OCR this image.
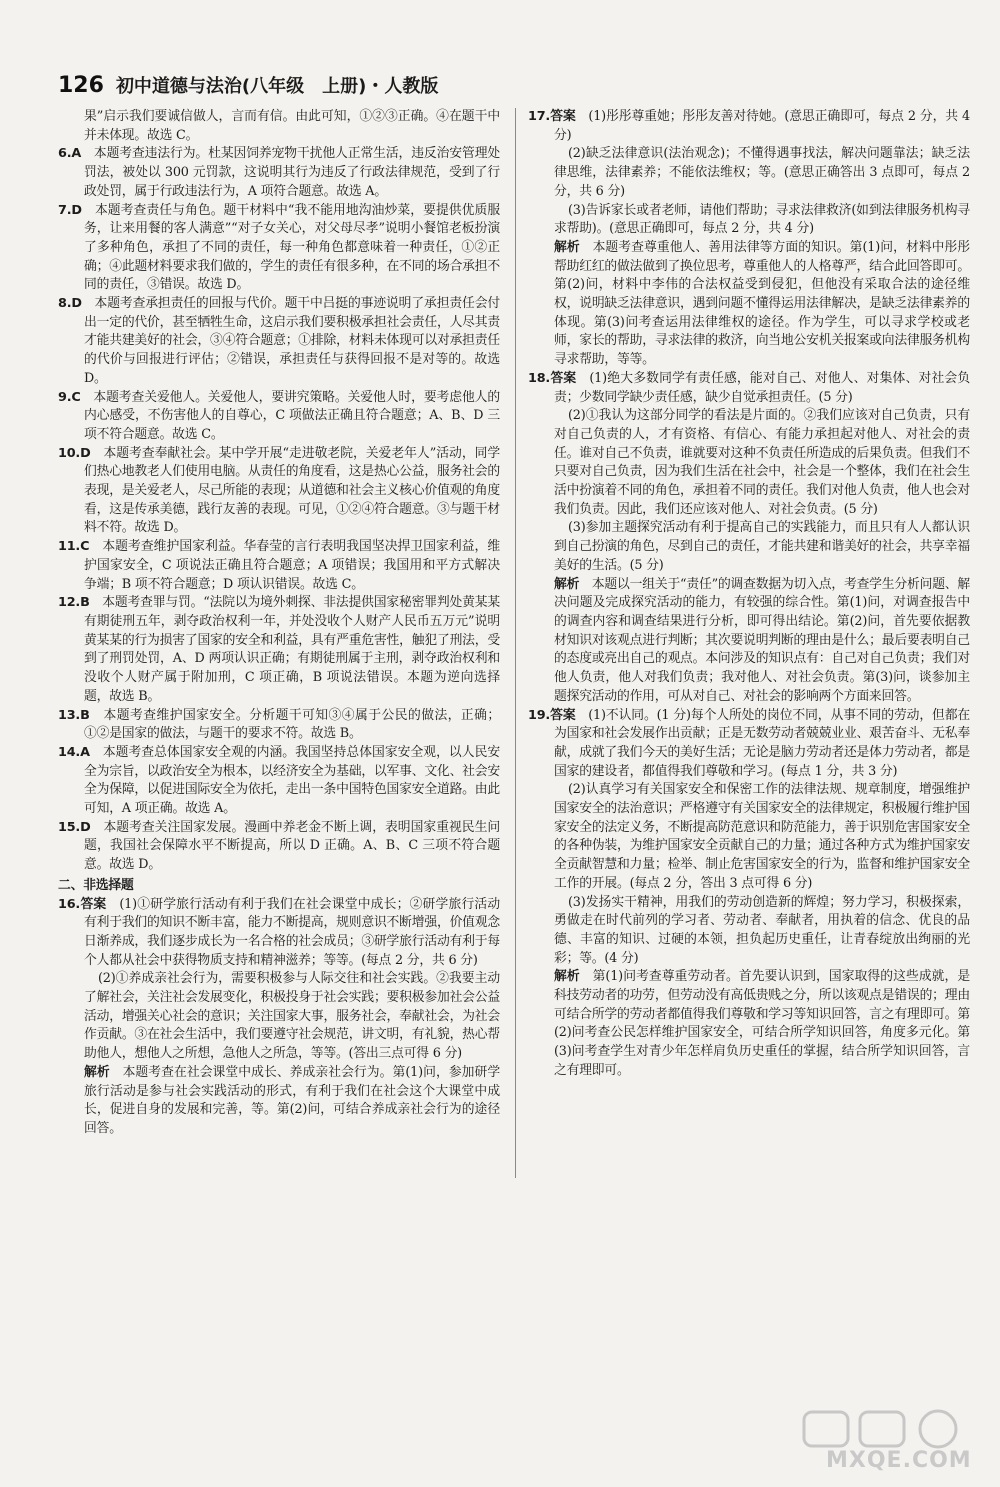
126 初中道德与法治(八年级　上册)・人教版

果”启示我们要诚信做人，言而有信。由此可知，①②③正确。④在题干中并未体现。故选 C。

6.A　 本题考查违法行为。杜某因饲养宠物干扰他人正常生活，违反治安管理处罚法，被处以 300 元罚款，这说明其行为违反了行政法律规范，受到了行政处罚，属于行政违法行为，A 项符合题意。故选 A。

7.D　 本题考查责任与角色。题干材料中“我不能用地沟油炒菜，要提供优质服务，让来用餐的客人满意”“对子女关心，对父母尽孝”说明小餐馆老板扮演了多种角色，承担了不同的责任，每一种角色都意味着一种责任，①②正确；④此题材料要求我们做的，学生的责任有很多种，在不同的场合承担不同的责任，③错误。故选 D。

8.D　 本题考查承担责任的回报与代价。题干中吕挺的事迹说明了承担责任会付出一定的代价，甚至牺牲生命，这启示我们要积极承担社会责任，人尽其责才能共建美好的社会，③④符合题意；①排除，材料未体现可以对承担责任的代价与回报进行评估；②错误，承担责任与获得回报不是对等的。故选 D。

9.C　 本题考查关爱他人。关爱他人，要讲究策略。关爱他人时，要考虑他人的内心感受，不伤害他人的自尊心，C 项做法正确且符合题意；A、B、D 三项不符合题意。故选 C。

10.D　 本题考查奉献社会。某中学开展“走进敬老院，关爱老年人”活动，同学们热心地教老人们使用电脑。从责任的角度看，这是热心公益，服务社会的表现，是关爱老人，尽己所能的表现；从道德和社会主义核心价值观的角度看，这是传承美德，践行友善的表现。可见，①②④符合题意。③与题干材料不符。故选 D。

11.C　 本题考查维护国家利益。华春莹的言行表明我国坚决捍卫国家利益，维护国家安全，C 项说法正确且符合题意；A 项错误；我国用和平方式解决争端；B 项不符合题意；D 项认识错误。故选 C。

12.B　 本题考查罪与罚。“法院以为境外刺探、非法提供国家秘密罪判处黄某某有期徒刑五年，剥夺政治权利一年，并处没收个人财产人民币五万元”说明黄某某的行为损害了国家的安全和利益，具有严重危害性，触犯了刑法，受到了刑罚处罚，A、D 两项认识正确；有期徒刑属于主刑，剥夺政治权利和没收个人财产属于附加刑，C 项正确，B 项说法错误。本题为逆向选择题，故选 B。

13.B　 本题考查维护国家安全。分析题干可知③④属于公民的做法，正确；①②是国家的做法，与题干的要求不符。故选 B。

14.A　 本题考查总体国家安全观的内涵。我国坚持总体国家安全观，以人民安全为宗旨，以政治安全为根本，以经济安全为基础，以军事、文化、社会安全为保障，以促进国际安全为依托，走出一条中国特色国家安全道路。由此可知，A 项正确。故选 A。

15.D　 本题考查关注国家发展。漫画中养老金不断上调，表明国家重视民生问题，我国社会保障水平不断提高，所以 D 正确。A、B、C 三项不符合题意。故选 D。

二、非选择题

16.答案　 (1)①研学旅行活动有利于我们在社会课堂中成长；②研学旅行活动有利于我们的知识不断丰富，能力不断提高，规则意识不断增强，价值观念日渐养成，我们逐步成长为一名合格的社会成员；③研学旅行活动有利于每个人都从社会中获得物质支持和精神滋养；等等。(每点 2 分，共 6 分)

(2)①养成亲社会行为，需要积极参与人际交往和社会实践。②我要主动了解社会，关注社会发展变化，积极投身于社会实践；要积极参加社会公益活动，增强关心社会的意识；关注国家大事，服务社会，奉献社会，为社会作贡献。③在社会生活中，我们要遵守社会规范，讲文明，有礼貌，热心帮助他人，想他人之所想，急他人之所急，等等。(答出三点可得 6 分)

解析　 本题考查在社会课堂中成长、养成亲社会行为。第(1)问，参加研学旅行活动是参与社会实践活动的形式，有利于我们在社会这个大课堂中成长，促进自身的发展和完善，等。第(2)问，可结合养成亲社会行为的途径回答。

17.答案　 (1)彤彤尊重她；彤彤友善对待她。(意思正确即可，每点 2 分，共 4 分)

(2)缺乏法律意识(法治观念)；不懂得遇事找法，解决问题靠法；缺乏法律思维，法律素养；不能依法维权；等。(意思正确答出 3 点即可，每点 2 分，共 6 分)

(3)告诉家长或者老师，请他们帮助；寻求法律救济(如到法律服务机构寻求帮助)。(意思正确即可，每点 2 分，共 4 分)

解析　 本题考查尊重他人、善用法律等方面的知识。第(1)问，材料中彤彤帮助红红的做法做到了换位思考，尊重他人的人格尊严，结合此回答即可。第(2)问，材料中李伟的合法权益受到侵犯，但他没有采取合法的途径维权，说明缺乏法律意识，遇到问题不懂得运用法律解决，是缺乏法律素养的体现。第(3)问考查运用法律维权的途径。作为学生，可以寻求学校或老师，家长的帮助，寻求法律的救济，向当地公安机关报案或向法律服务机构寻求帮助，等等。

18.答案　 (1)绝大多数同学有责任感，能对自己、对他人、对集体、对社会负责；少数同学缺少责任感，缺少自觉承担责任。(5 分)

(2)①我认为这部分同学的看法是片面的。②我们应该对自己负责，只有对自己负责的人，才有资格、有信心、有能力承担起对他人、对社会的责任。谁对自己不负责，谁就要对这种不负责任所造成的后果负责。但我们不只要对自己负责，因为我们生活在社会中，社会是一个整体，我们在社会生活中扮演着不同的角色，承担着不同的责任。我们对他人负责，他人也会对我们负责。因此，我们还应该对他人、对社会负责。(5 分)

(3)参加主题探究活动有利于提高自己的实践能力，而且只有人人都认识到自己扮演的角色，尽到自己的责任，才能共建和谐美好的社会，共享幸福美好的生活。(5 分)

解析　 本题以一组关于“责任”的调查数据为切入点，考查学生分析问题、解决问题及完成探究活动的能力，有较强的综合性。第(1)问，对调查报告中的调查内容和调查结果进行分析，即可得出结论。第(2)问，首先要依据教材知识对该观点进行判断；其次要说明判断的理由是什么；最后要表明自己的态度或亮出自己的观点。本问涉及的知识点有：自己对自己负责；我们对他人负责，他人对我们负责；我对他人、对社会负责。第(3)问，谈参加主题探究活动的作用，可从对自己、对社会的影响两个方面来回答。

19.答案　 (1)不认同。(1 分)每个人所处的岗位不同，从事不同的劳动，但都在为国家和社会发展作出贡献；正是无数劳动者兢兢业业、艰苦奋斗、无私奉献，成就了我们今天的美好生活；无论是脑力劳动者还是体力劳动者，都是国家的建设者，都值得我们尊敬和学习。(每点 1 分，共 3 分)

(2)认真学习有关国家安全和保密工作的法律法规、规章制度，增强维护国家安全的法治意识；严格遵守有关国家安全的法律规定，积极履行维护国家安全的法定义务，不断提高防范意识和防范能力，善于识别危害国家安全的各种伪装，为维护国家安全贡献自己的力量；通过各种方式为维护国家安全贡献智慧和力量；检举、制止危害国家安全的行为，监督和维护国家安全工作的开展。(每点 2 分，答出 3 点可得 6 分)

(3)发扬实干精神，用我们的劳动创造新的辉煌；努力学习，积极探索，勇做走在时代前列的学习者、劳动者、奉献者，用执着的信念、优良的品德、丰富的知识、过硬的本领，担负起历史重任，让青春绽放出绚丽的光彩；等。(4 分)

解析　 第(1)问考查尊重劳动者。首先要认识到，国家取得的这些成就，是科技劳动者的功劳，但劳动没有高低贵贱之分，所以该观点是错误的；理由可结合所学的劳动者都值得我们尊敬和学习等知识回答，言之有理即可。第(2)问考查公民怎样维护国家安全，可结合所学知识回答，角度多元化。第(3)问考查学生对青少年怎样肩负历史重任的掌握，结合所学知识回答，言之有理即可。

MXQE.COM
